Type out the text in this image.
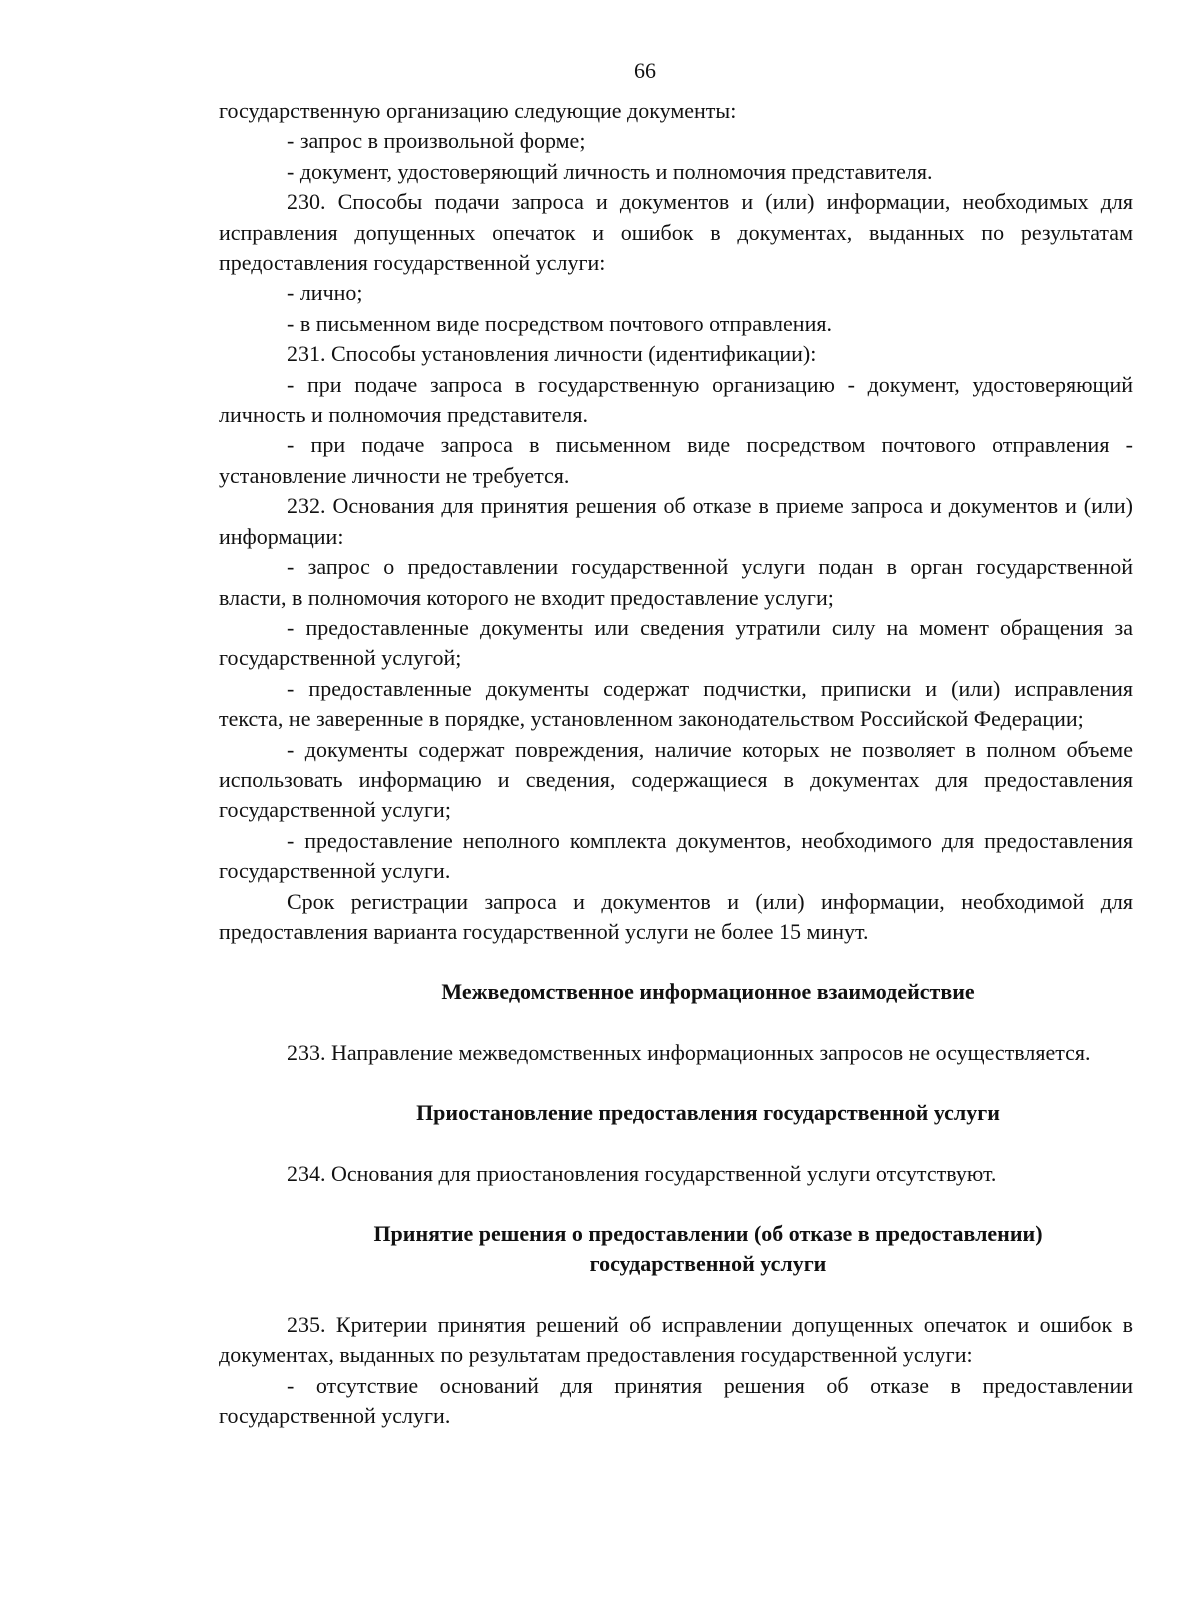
66

государственную организацию следующие документы:

- запрос в произвольной форме;

- документ, удостоверяющий личность и полномочия представителя.

230. Способы подачи запроса и документов и (или) информации, необходимых для исправления допущенных опечаток и ошибок в документах, выданных по результатам предоставления государственной услуги:

- лично;

- в письменном виде посредством почтового отправления.

231. Способы установления личности (идентификации):

- при подаче запроса в государственную организацию - документ, удостоверяющий личность и полномочия представителя.

- при подаче запроса в письменном виде посредством почтового отправления - установление личности не требуется.

232. Основания для принятия решения об отказе в приеме запроса и документов и (или) информации:

- запрос о предоставлении государственной услуги подан в орган государственной власти, в полномочия которого не входит предоставление услуги;

- предоставленные документы или сведения утратили силу на момент обращения за государственной услугой;

- предоставленные документы содержат подчистки, приписки и (или) исправления текста, не заверенные в порядке, установленном законодательством Российской Федерации;

- документы содержат повреждения, наличие которых не позволяет в полном объеме использовать информацию и сведения, содержащиеся в документах для предоставления государственной услуги;

- предоставление неполного комплекта документов, необходимого для предоставления государственной услуги.

Срок регистрации запроса и документов и (или) информации, необходимой для предоставления варианта государственной услуги не более 15 минут.

Межведомственное информационное взаимодействие

233. Направление межведомственных информационных запросов не осуществляется.

Приостановление предоставления государственной услуги

234. Основания для приостановления государственной услуги отсутствуют.

Принятие решения о предоставлении (об отказе в предоставлении)

государственной услуги

235. Критерии принятия решений об исправлении допущенных опечаток и ошибок в документах, выданных по результатам предоставления государственной услуги:

- отсутствие оснований для принятия решения об отказе в предоставлении государственной услуги.
